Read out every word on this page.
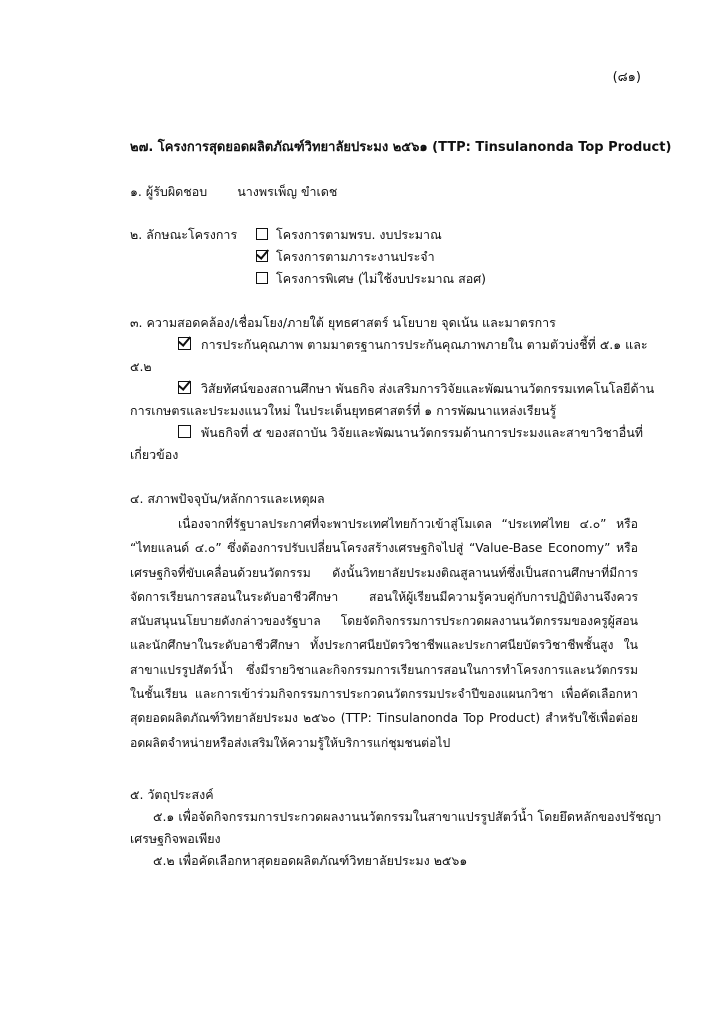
(๘๑)
๒๗. โครงการสุดยอดผลิตภัณฑ์วิทยาลัยประมง ๒๕๖๑ (TTP: Tinsulanonda Top Product)
๑. ผู้รับผิดชอบ นางพรเพ็ญ ขำเดช
๒. ลักษณะโครงการ	โครงการตามพรบ. งบประมาณ
โครงการตามภาระงานประจำ
โครงการพิเศษ (ไม่ใช้งบประมาณ สอศ)
๓. ความสอดคล้อง/เชื่อมโยง/ภายใต้ ยุทธศาสตร์ นโยบาย จุดเน้น และมาตรการ
การประกันคุณภาพ ตามมาตรฐานการประกันคุณภาพภายใน ตามตัวบ่งชี้ที่ ๕.๑ และ
๕.๒
วิสัยทัศน์ของสถานศึกษา พันธกิจ ส่งเสริมการวิจัยและพัฒนานวัตกรรมเทคโนโลยีด้าน
การเกษตรและประมงแนวใหม่ ในประเด็นยุทธศาสตร์ที่ ๑ การพัฒนาแหล่งเรียนรู้
พันธกิจที่ ๕ ของสถาบัน วิจัยและพัฒนานวัตกรรมด้านการประมงและสาขาวิชาอื่นที่
เกี่ยวข้อง
๔. สภาพปัจจุบัน/หลักการและเหตุผล
เนื่องจากที่รัฐบาลประกาศที่จะพาประเทศไทยก้าวเข้าสู่โมเดล “ประเทศไทย ๔.๐” หรือ “ไทยแลนด์ ๔.๐” ซึ่งต้องการปรับเปลี่ยนโครงสร้างเศรษฐกิจไปสู่ “Value-Base Economy” หรือเศรษฐกิจที่ขับเคลื่อนด้วยนวัตกรรม ดังนั้นวิทยาลัยประมงติณสูลานนท์ซึ่งเป็นสถานศึกษาที่มีการจัดการเรียนการสอนในระดับอาชีวศึกษา สอนให้ผู้เรียนมีความรู้ควบคู่กับการปฏิบัติงานจึงควรสนับสนุนนโยบายดังกล่าวของรัฐบาล โดยจัดกิจกรรมการประกวดผลงานนวัตกรรมของครูผู้สอนและนักศึกษาในระดับอาชีวศึกษา ทั้งประกาศนียบัตรวิชาชีพและประกาศนียบัตรวิชาชีพชั้นสูง ในสาขาแปรรูปสัตว์น้ำ ซึ่งมีรายวิชาและกิจกรรมการเรียนการสอนในการทำโครงการและนวัตกรรมในชั้นเรียน และการเข้าร่วมกิจกรรมการประกวดนวัตกรรมประจำปีของแผนกวิชา เพื่อคัดเลือกหาสุดยอดผลิตภัณฑ์วิทยาลัยประมง ๒๕๖๐ (TTP: Tinsulanonda Top Product) สำหรับใช้เพื่อต่อยอดผลิตจำหน่ายหรือส่งเสริมให้ความรู้ให้บริการแก่ชุมชนต่อไป
๕. วัตถุประสงค์
๕.๑ เพื่อจัดกิจกรรมการประกวดผลงานนวัตกรรมในสาขาแปรรูปสัตว์น้ำ โดยยึดหลักของปรัชญา
เศรษฐกิจพอเพียง
๕.๒ เพื่อคัดเลือกหาสุดยอดผลิตภัณฑ์วิทยาลัยประมง ๒๕๖๑
